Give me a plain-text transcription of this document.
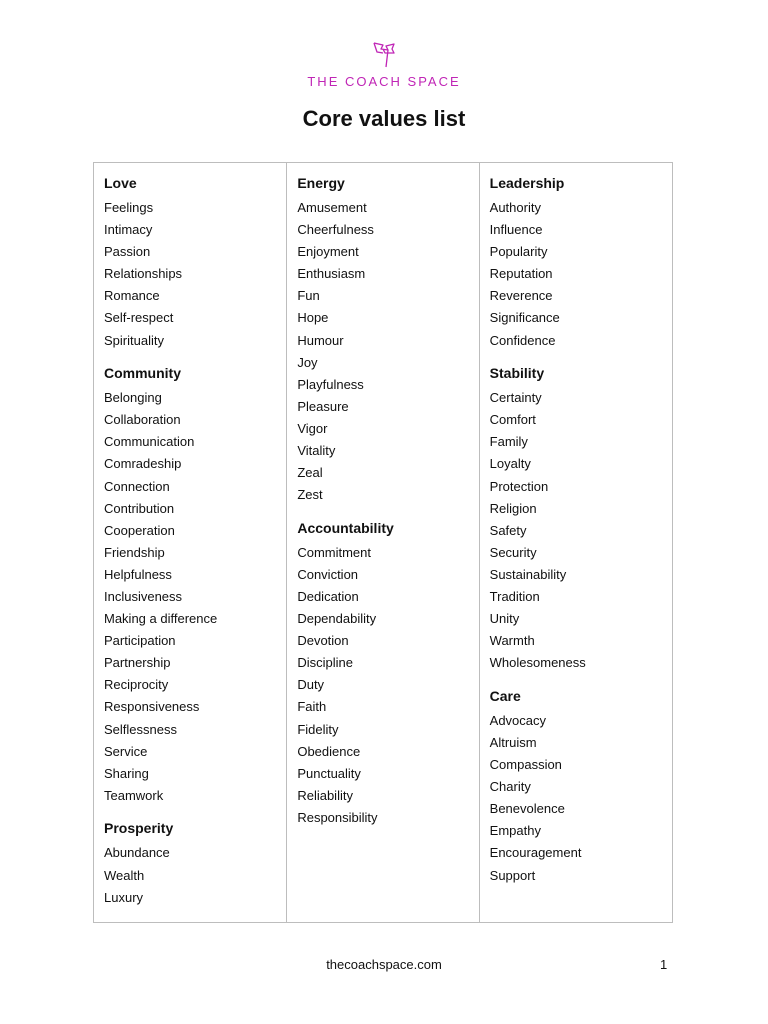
THE COACH SPACE
Core values list
Love
Feelings
Intimacy
Passion
Relationships
Romance
Self-respect
Spirituality
Community
Belonging
Collaboration
Communication
Comradeship
Connection
Contribution
Cooperation
Friendship
Helpfulness
Inclusiveness
Making a difference
Participation
Partnership
Reciprocity
Responsiveness
Selflessness
Service
Sharing
Teamwork
Prosperity
Abundance
Wealth
Luxury
Energy
Amusement
Cheerfulness
Enjoyment
Enthusiasm
Fun
Hope
Humour
Joy
Playfulness
Pleasure
Vigor
Vitality
Zeal
Zest
Accountability
Commitment
Conviction
Dedication
Dependability
Devotion
Discipline
Duty
Faith
Fidelity
Obedience
Punctuality
Reliability
Responsibility
Leadership
Authority
Influence
Popularity
Reputation
Reverence
Significance
Confidence
Stability
Certainty
Comfort
Family
Loyalty
Protection
Religion
Safety
Security
Sustainability
Tradition
Unity
Warmth
Wholesomeness
Care
Advocacy
Altruism
Compassion
Charity
Benevolence
Empathy
Encouragement
Support
thecoachspace.com	1
